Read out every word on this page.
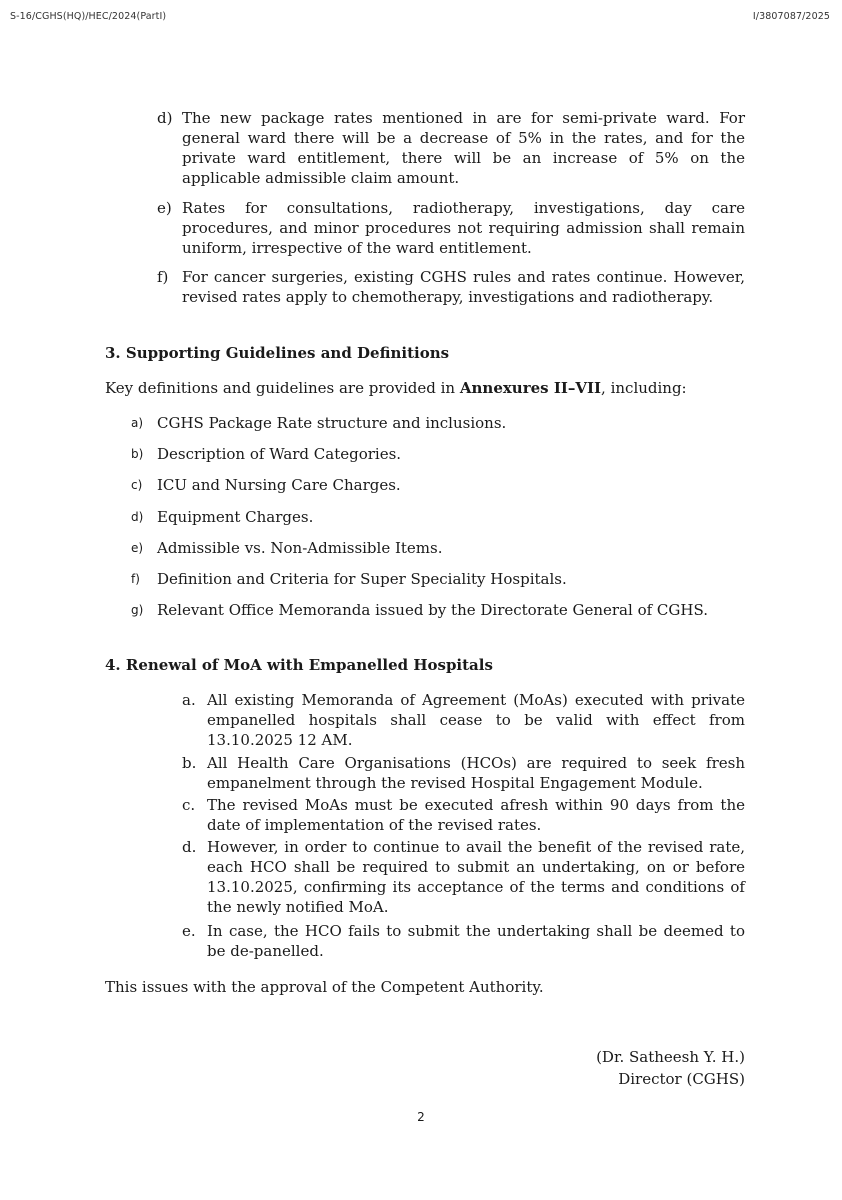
S-16/CGHS(HQ)/HEC/2024(PartI)	I/3807087/2025
d) The new package rates mentioned in are for semi-private ward. For general ward there will be a decrease of 5% in the rates, and for the private ward entitlement, there will be an increase of 5% on the applicable admissible claim amount.
e) Rates for consultations, radiotherapy, investigations, day care procedures, and minor procedures not requiring admission shall remain uniform, irrespective of the ward entitlement.
f) For cancer surgeries, existing CGHS rules and rates continue. However, revised rates apply to chemotherapy, investigations and radiotherapy.
3. Supporting Guidelines and Definitions
Key definitions and guidelines are provided in Annexures II–VII, including:
a) CGHS Package Rate structure and inclusions.
b) Description of Ward Categories.
c) ICU and Nursing Care Charges.
d) Equipment Charges.
e) Admissible vs. Non-Admissible Items.
f) Definition and Criteria for Super Speciality Hospitals.
g) Relevant Office Memoranda issued by the Directorate General of CGHS.
4. Renewal of MoA with Empanelled Hospitals
a. All existing Memoranda of Agreement (MoAs) executed with private empanelled hospitals shall cease to be valid with effect from 13.10.2025 12 AM.
b. All Health Care Organisations (HCOs) are required to seek fresh empanelment through the revised Hospital Engagement Module.
c. The revised MoAs must be executed afresh within 90 days from the date of implementation of the revised rates.
d. However, in order to continue to avail the benefit of the revised rate, each HCO shall be required to submit an undertaking, on or before 13.10.2025, confirming its acceptance of the terms and conditions of the newly notified MoA.
e. In case, the HCO fails to submit the undertaking shall be deemed to be de-panelled.
This issues with the approval of the Competent Authority.
(Dr. Satheesh Y. H.)
Director (CGHS)
2
